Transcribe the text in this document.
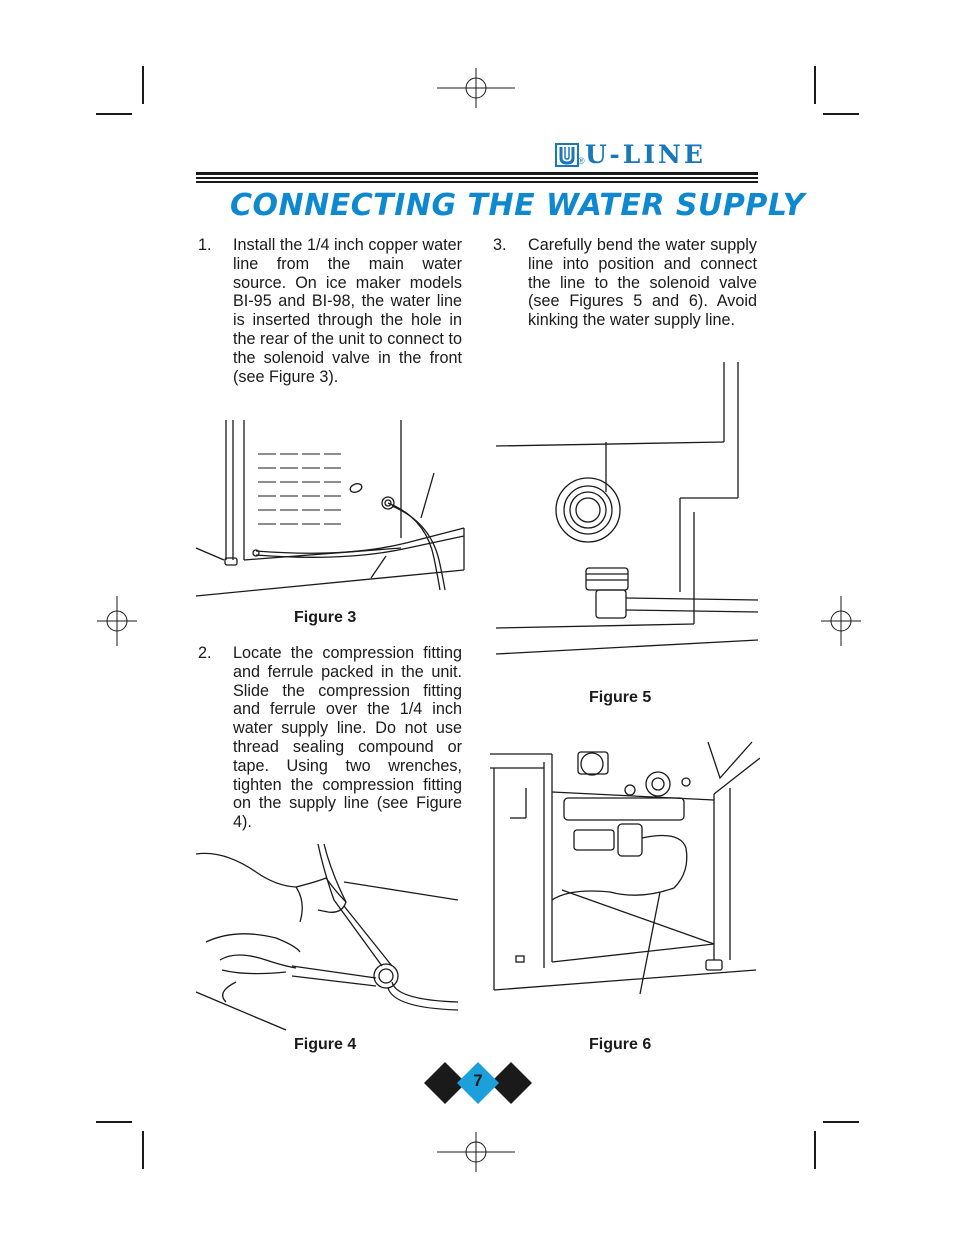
® U-LINE
CONNECTING THE WATER SUPPLY
1. Install the 1/4 inch copper water line from the main water source. On ice maker models BI-95 and BI-98, the water line is inserted through the hole in the rear of the unit to connect to the solenoid valve in the front (see Figure 3).
2. Locate the compression fitting and ferrule packed in the unit. Slide the compression fitting and ferrule over the 1/4 inch water supply line. Do not use thread sealing compound or tape. Using two wrenches, tighten the compression fitting on the supply line (see Figure 4).
3. Carefully bend the water supply line into position and connect the line to the solenoid valve (see Figures 5 and 6). Avoid kinking the water supply line.
Figure 3
Figure 4
Figure 5
Figure 6
7
